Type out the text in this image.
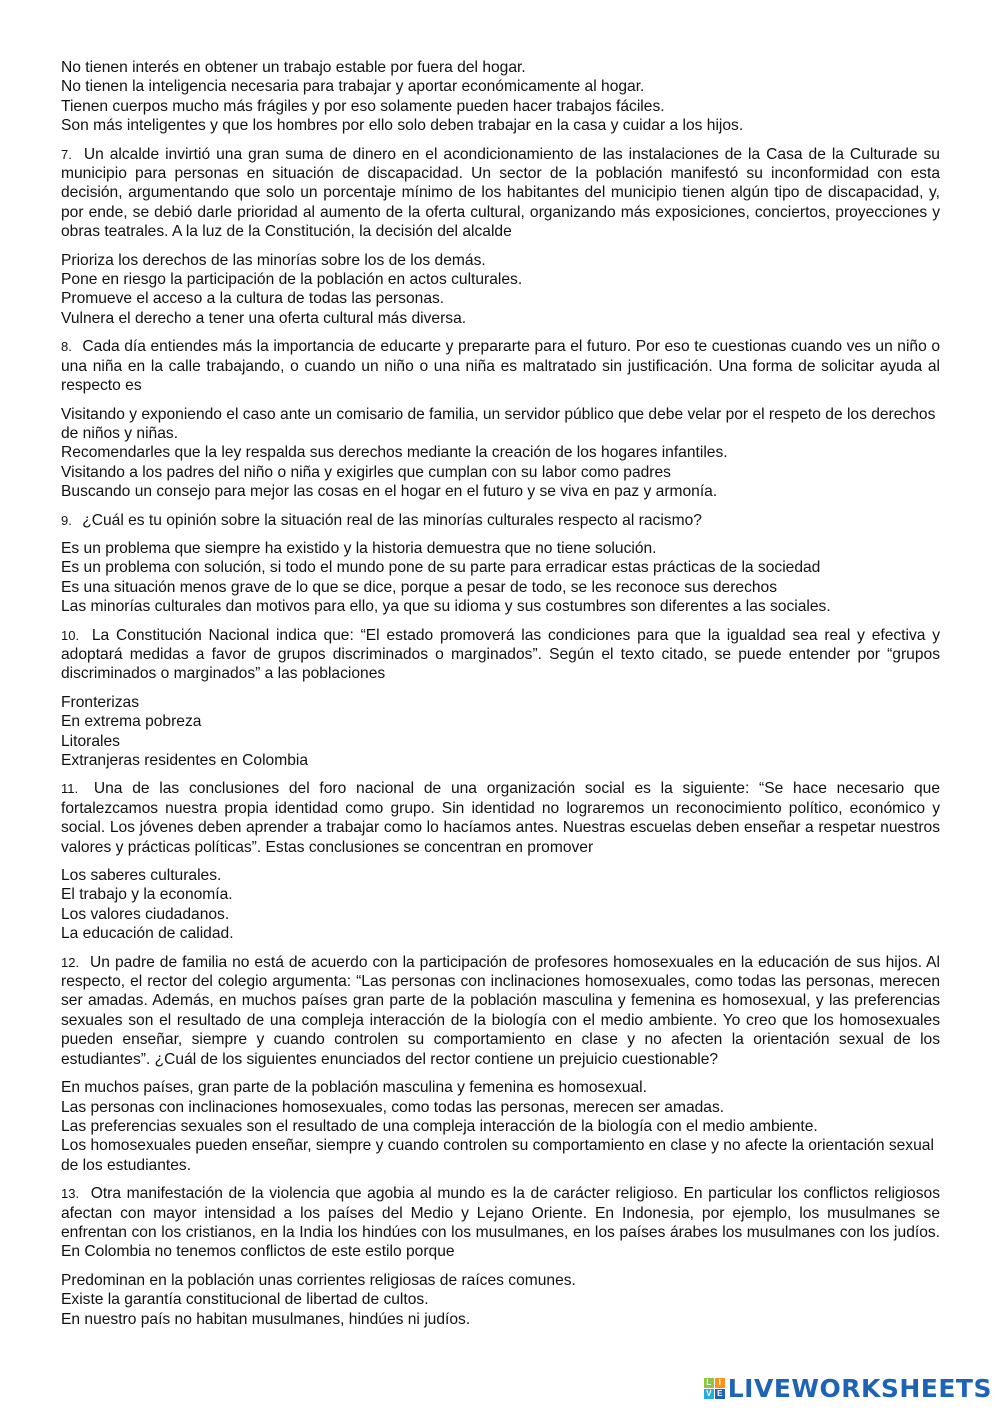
No tienen interés en obtener un trabajo estable por fuera del hogar.
No tienen la inteligencia necesaria para trabajar y aportar económicamente al hogar.
Tienen cuerpos mucho más frágiles y por eso solamente pueden hacer trabajos fáciles.
Son más inteligentes y que los hombres por ello solo deben trabajar en la casa y cuidar a los hijos.
7. Un alcalde invirtió una gran suma de dinero en el acondicionamiento de las instalaciones de la Casa de la Culturade su municipio para personas en situación de discapacidad. Un sector de la población manifestó su inconformidad con esta decisión, argumentando que solo un porcentaje mínimo de los habitantes del municipio tienen algún tipo de discapacidad, y, por ende, se debió darle prioridad al aumento de la oferta cultural, organizando más exposiciones, conciertos, proyecciones y obras teatrales. A la luz de la Constitución, la decisión del alcalde
Prioriza los derechos de las minorías sobre los de los demás.
Pone en riesgo la participación de la población en actos culturales.
Promueve el acceso a la cultura de todas las personas.
Vulnera el derecho a tener una oferta cultural más diversa.
8. Cada día entiendes más la importancia de educarte y prepararte para el futuro. Por eso te cuestionas cuando ves un niño o una niña en la calle trabajando, o cuando un niño o una niña es maltratado sin justificación. Una forma de solicitar ayuda al respecto es
Visitando y exponiendo el caso ante un comisario de familia, un servidor público que debe velar por el respeto de los derechos de niños y niñas.
Recomendarles que la ley respalda sus derechos mediante la creación de los hogares infantiles.
Visitando a los padres del niño o niña y exigirles que cumplan con su labor como padres
Buscando un consejo para mejor las cosas en el hogar en el futuro y se viva en paz y armonía.
9. ¿Cuál es tu opinión sobre la situación real de las minorías culturales respecto al racismo?
Es un problema que siempre ha existido y la historia demuestra que no tiene solución.
Es un problema con solución, si todo el mundo pone de su parte para erradicar estas prácticas de la sociedad
Es una situación menos grave de lo que se dice, porque a pesar de todo, se les reconoce sus derechos
Las minorías culturales dan motivos para ello, ya que su idioma y sus costumbres son diferentes a las sociales.
10. La Constitución Nacional indica que: “El estado promoverá las condiciones para que la igualdad sea real y efectiva y adoptará medidas a favor de grupos discriminados o marginados”. Según el texto citado, se puede entender por “grupos discriminados o marginados” a las poblaciones
Fronterizas
En extrema pobreza
Litorales
Extranjeras residentes en Colombia
11. Una de las conclusiones del foro nacional de una organización social es la siguiente: “Se hace necesario que fortalezcamos nuestra propia identidad como grupo. Sin identidad no lograremos un reconocimiento político, económico y social. Los jóvenes deben aprender a trabajar como lo hacíamos antes. Nuestras escuelas deben enseñar a respetar nuestros valores y prácticas políticas”. Estas conclusiones se concentran en promover
Los saberes culturales.
El trabajo y la economía.
Los valores ciudadanos.
La educación de calidad.
12. Un padre de familia no está de acuerdo con la participación de profesores homosexuales en la educación de sus hijos. Al respecto, el rector del colegio argumenta: “Las personas con inclinaciones homosexuales, como todas las personas, merecen ser amadas. Además, en muchos países gran parte de la población masculina y femenina es homosexual, y las preferencias sexuales son el resultado de una compleja interacción de la biología con el medio ambiente. Yo creo que los homosexuales pueden enseñar, siempre y cuando controlen su comportamiento en clase y no afecten la orientación sexual de los estudiantes”. ¿Cuál de los siguientes enunciados del rector contiene un prejuicio cuestionable?
En muchos países, gran parte de la población masculina y femenina es homosexual.
Las personas con inclinaciones homosexuales, como todas las personas, merecen ser amadas.
Las preferencias sexuales son el resultado de una compleja interacción de la biología con el medio ambiente.
Los homosexuales pueden enseñar, siempre y cuando controlen su comportamiento en clase y no afecte la orientación sexual de los estudiantes.
13. Otra manifestación de la violencia que agobia al mundo es la de carácter religioso. En particular los conflictos religiosos afectan con mayor intensidad a los países del Medio y Lejano Oriente. En Indonesia, por ejemplo, los musulmanes se enfrentan con los cristianos, en la India los hindúes con los musulmanes, en los países árabes los musulmanes con los judíos. En Colombia no tenemos conflictos de este estilo porque
Predominan en la población unas corrientes religiosas de raíces comunes.
Existe la garantía constitucional de libertad de cultos.
En nuestro país no habitan musulmanes, hindúes ni judíos.
L I
V E LIVEWORKSHEETS
